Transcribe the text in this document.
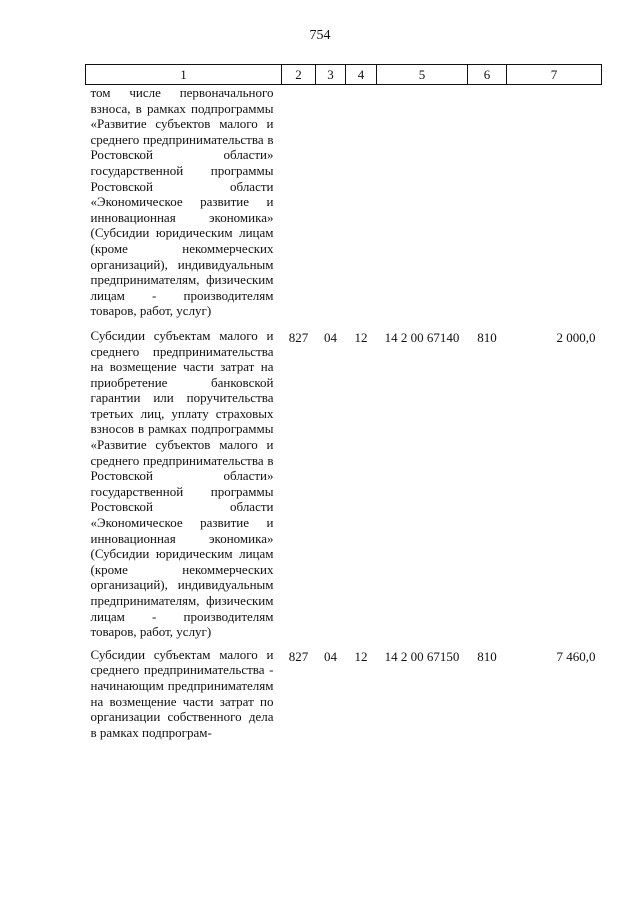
754
1	2	3	4	5	6	7
том числе первоначального взноса, в рамках подпрограммы «Развитие субъектов малого и среднего предпринимательства в Ростовской области» государственной программы Ростовской области «Экономическое развитие и инновационная экономика» (Субсидии юридическим лицам (кроме некоммерческих организаций), индивидуальным предпринимателям, физическим лицам - производителям товаров, работ, услуг)						
Субсидии субъектам малого и среднего предпринимательства на возмещение части затрат на приобретение банковской гарантии или поручительства третьих лиц, уплату страховых взносов в рамках подпрограммы «Развитие субъектов малого и среднего предпринимательства в Ростовской области» государственной программы Ростовской области «Экономическое развитие и инновационная экономика» (Субсидии юридическим лицам (кроме некоммерческих организаций), индивидуальным предпринимателям, физическим лицам - производителям товаров, работ, услуг)	827	04	12	14 2 00 67140	810	2 000,0
Субсидии субъектам малого и среднего предпринимательства - начинающим предпринимателям на возмещение части затрат по организации собственного дела в рамках подпрограм-	827	04	12	14 2 00 67150	810	7 460,0
